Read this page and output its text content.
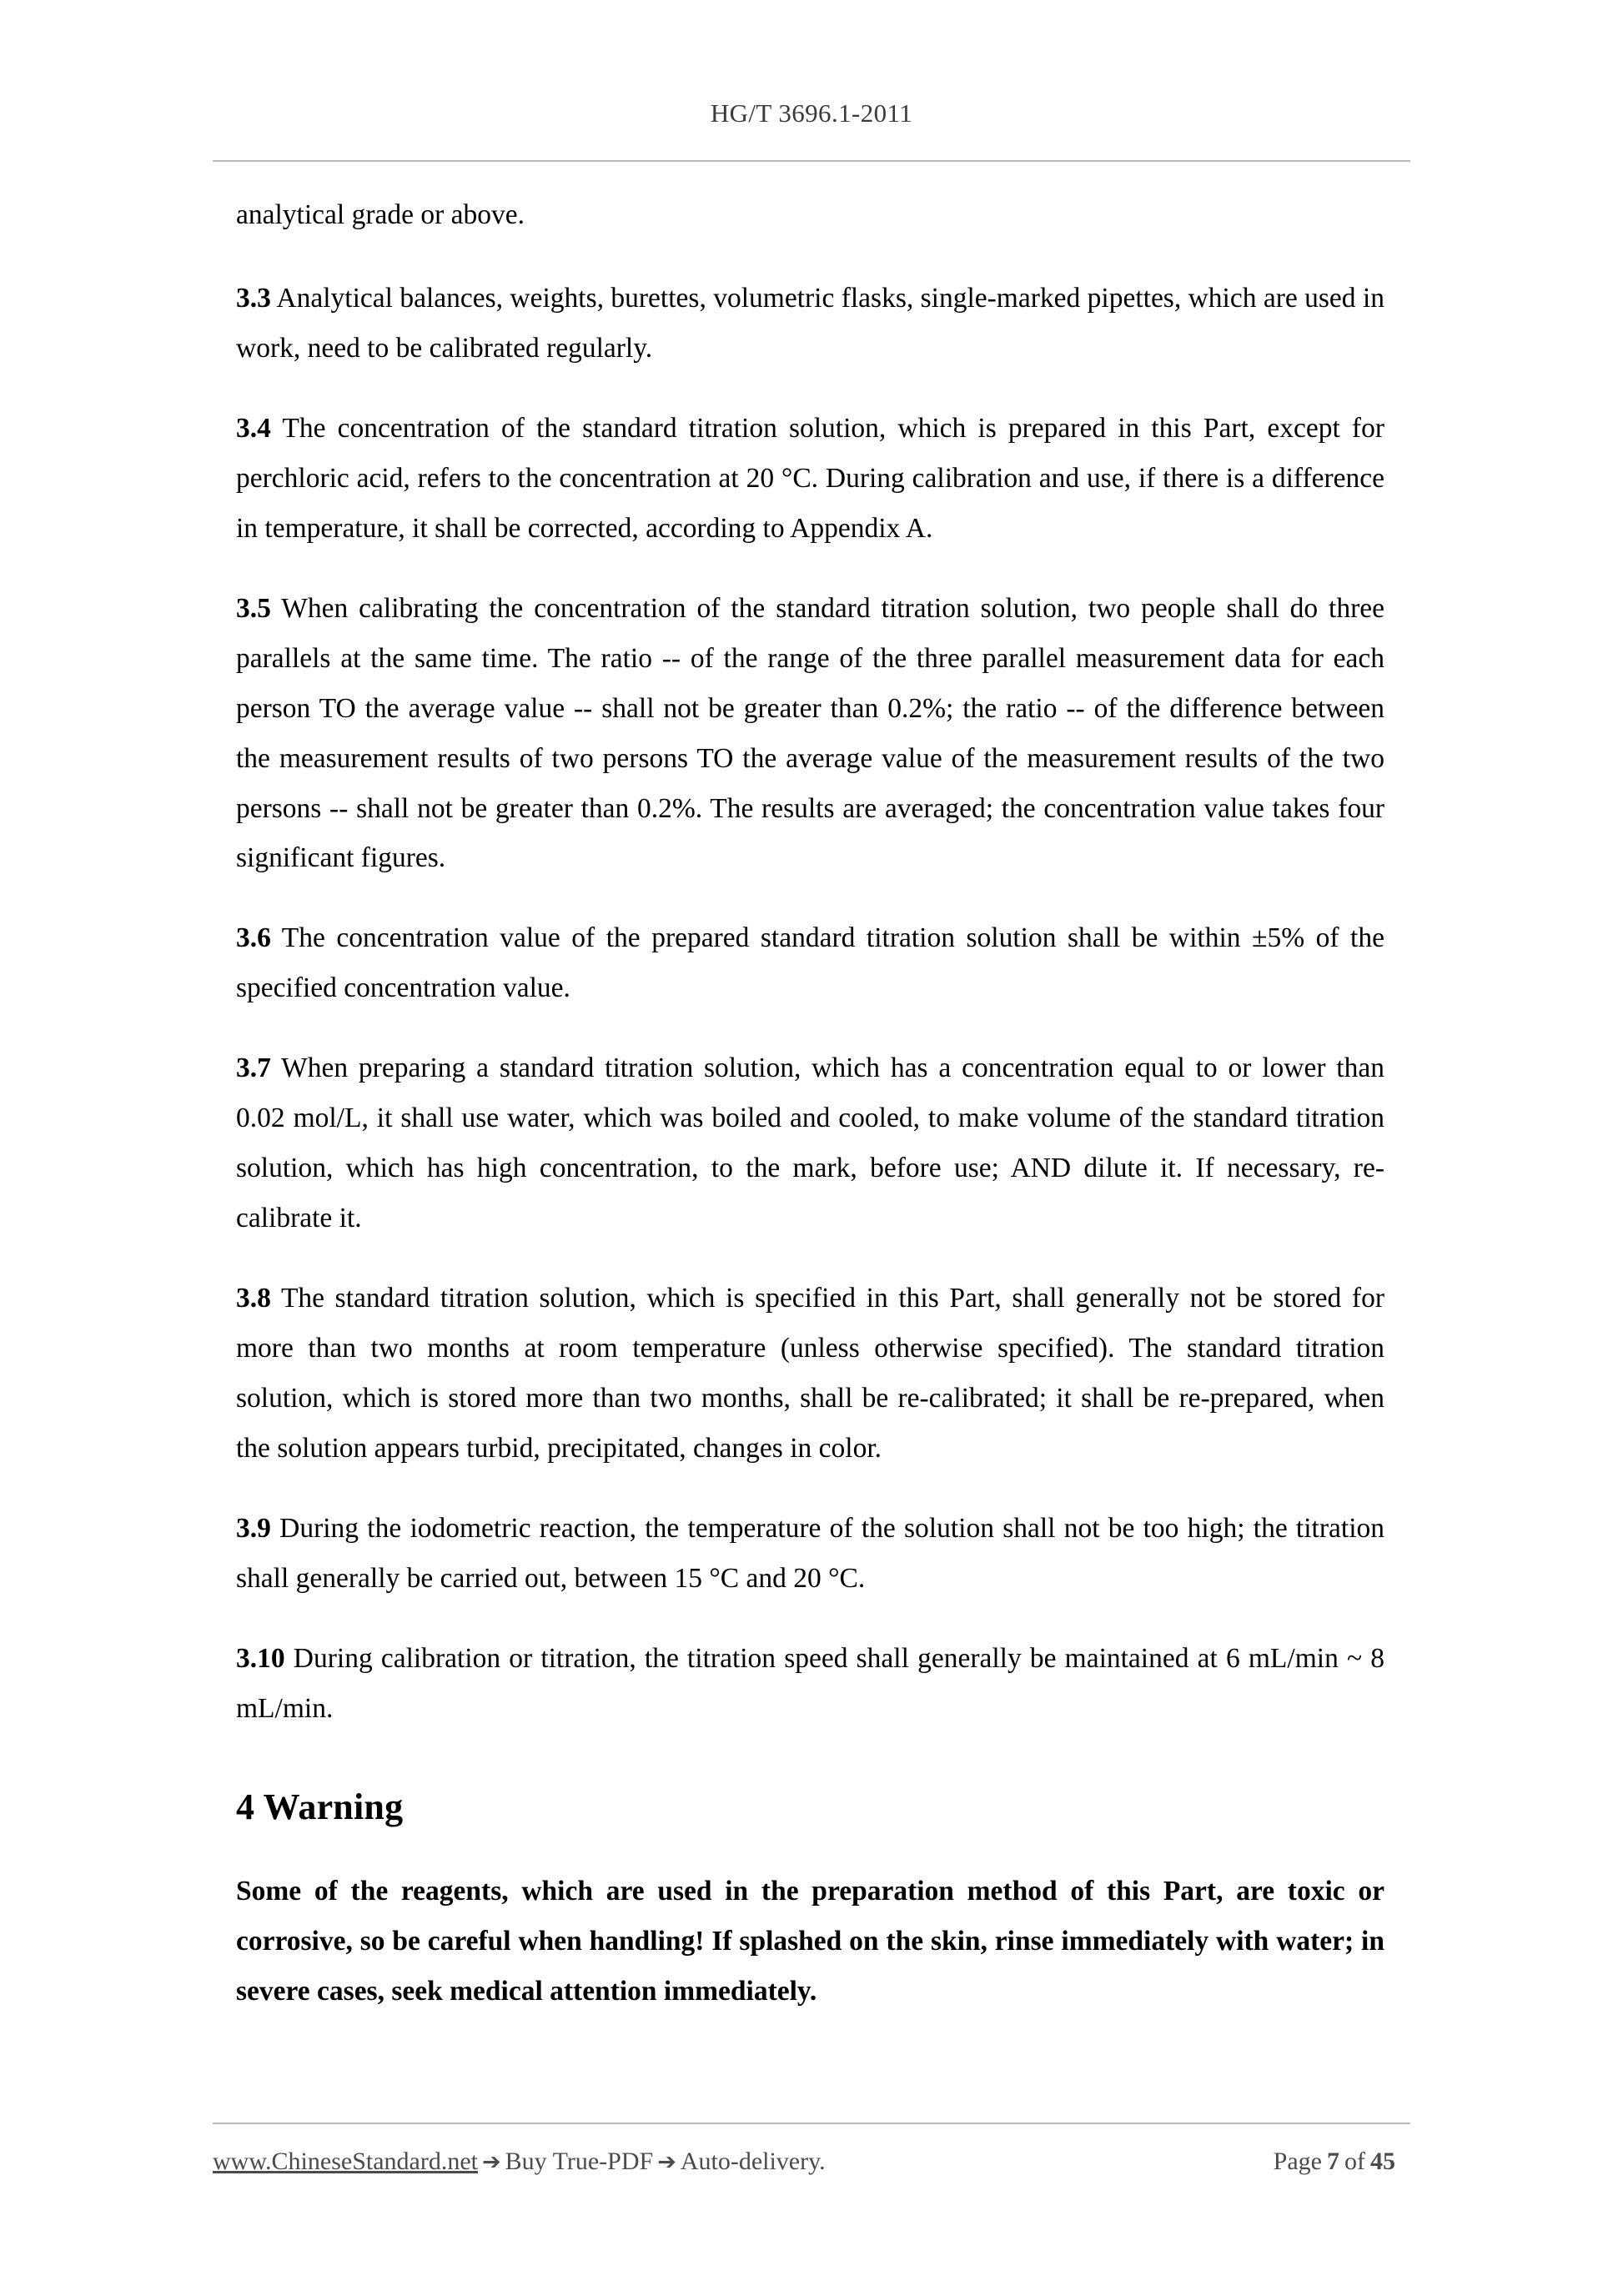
HG/T 3696.1-2011

analytical grade or above.

3.3 Analytical balances, weights, burettes, volumetric flasks, single-marked pipettes, which are used in work, need to be calibrated regularly.

3.4 The concentration of the standard titration solution, which is prepared in this Part, except for perchloric acid, refers to the concentration at 20 °C. During calibration and use, if there is a difference in temperature, it shall be corrected, according to Appendix A.

3.5 When calibrating the concentration of the standard titration solution, two people shall do three parallels at the same time. The ratio -- of the range of the three parallel measurement data for each person TO the average value -- shall not be greater than 0.2%; the ratio -- of the difference between the measurement results of two persons TO the average value of the measurement results of the two persons -- shall not be greater than 0.2%. The results are averaged; the concentration value takes four significant figures.

3.6 The concentration value of the prepared standard titration solution shall be within ±5% of the specified concentration value.

3.7 When preparing a standard titration solution, which has a concentration equal to or lower than 0.02 mol/L, it shall use water, which was boiled and cooled, to make volume of the standard titration solution, which has high concentration, to the mark, before use; AND dilute it. If necessary, re-calibrate it.

3.8 The standard titration solution, which is specified in this Part, shall generally not be stored for more than two months at room temperature (unless otherwise specified). The standard titration solution, which is stored more than two months, shall be re-calibrated; it shall be re-prepared, when the solution appears turbid, precipitated, changes in color.

3.9 During the iodometric reaction, the temperature of the solution shall not be too high; the titration shall generally be carried out, between 15 °C and 20 °C.

3.10 During calibration or titration, the titration speed shall generally be maintained at 6 mL/min ~ 8 mL/min.

4 Warning

Some of the reagents, which are used in the preparation method of this Part, are toxic or corrosive, so be careful when handling! If splashed on the skin, rinse immediately with water; in severe cases, seek medical attention immediately.

www.ChineseStandard.net ➔ Buy True-PDF ➔ Auto-delivery.	Page 7 of 45
